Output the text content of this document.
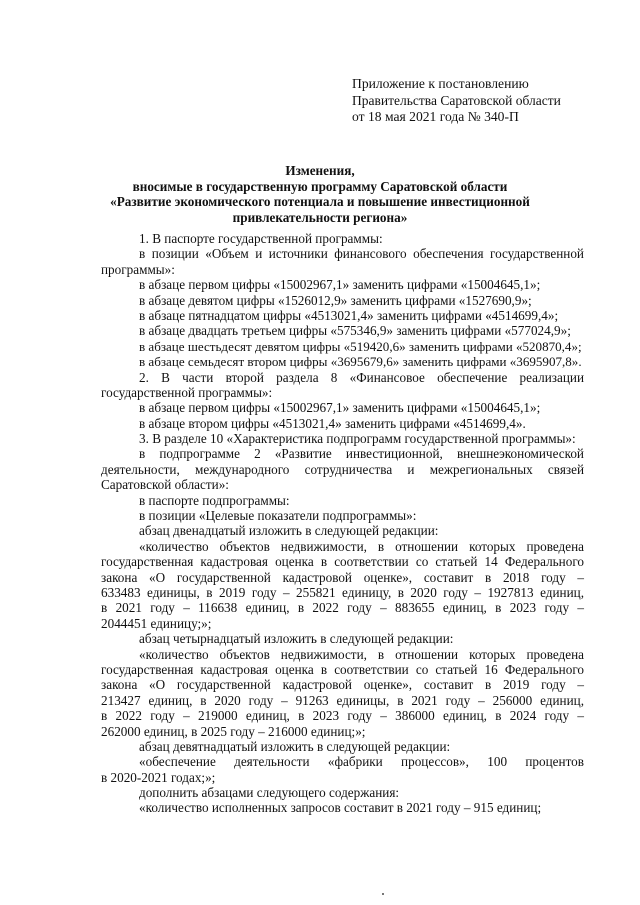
Приложение к постановлению
Правительства Саратовской области
от 18 мая 2021 года № 340-П
Изменения,
вносимые в государственную программу Саратовской области
«Развитие экономического потенциала и повышение инвестиционной
привлекательности региона»
1. В паспорте государственной программы:
в позиции «Объем и источники финансового обеспечения государственной
программы»:
в абзаце первом цифры «15002967,1» заменить цифрами «15004645,1»;
в абзаце девятом цифры «1526012,9» заменить цифрами «1527690,9»;
в абзаце пятнадцатом цифры «4513021,4» заменить цифрами «4514699,4»;
в абзаце двадцать третьем цифры «575346,9» заменить цифрами «577024,9»;
в абзаце шестьдесят девятом цифры «519420,6» заменить цифрами «520870,4»;
в абзаце семьдесят втором цифры «3695679,6» заменить цифрами «3695907,8».
2. В части второй раздела 8 «Финансовое обеспечение реализации
государственной программы»:
в абзаце первом цифры «15002967,1» заменить цифрами «15004645,1»;
в абзаце втором цифры «4513021,4» заменить цифрами «4514699,4».
3. В разделе 10 «Характеристика подпрограмм государственной программы»:
в подпрограмме 2 «Развитие инвестиционной, внешнеэкономической
деятельности, международного сотрудничества и межрегиональных связей
Саратовской области»:
в паспорте подпрограммы:
в позиции «Целевые показатели подпрограммы»:
абзац двенадцатый изложить в следующей редакции:
«количество объектов недвижимости, в отношении которых проведена
государственная кадастровая оценка в соответствии со статьей 14 Федерального
закона «О государственной кадастровой оценке», составит в 2018 году –
633483 единицы, в 2019 году – 255821 единицу, в 2020 году – 1927813 единиц,
в 2021 году – 116638 единиц, в 2022 году – 883655 единиц, в 2023 году –
2044451 единицу;»;
абзац четырнадцатый изложить в следующей редакции:
«количество объектов недвижимости, в отношении которых проведена
государственная кадастровая оценка в соответствии со статьей 16 Федерального
закона «О государственной кадастровой оценке», составит в 2019 году –
213427 единиц, в 2020 году – 91263 единицы, в 2021 году – 256000 единиц,
в 2022 году – 219000 единиц, в 2023 году – 386000 единиц, в 2024 году –
262000 единиц, в 2025 году – 216000 единиц;»;
абзац девятнадцатый изложить в следующей редакции:
«обеспечение деятельности «фабрики процессов», 100 процентов
в 2020-2021 годах;»;
дополнить абзацами следующего содержания:
«количество исполненных запросов составит в 2021 году – 915 единиц;
